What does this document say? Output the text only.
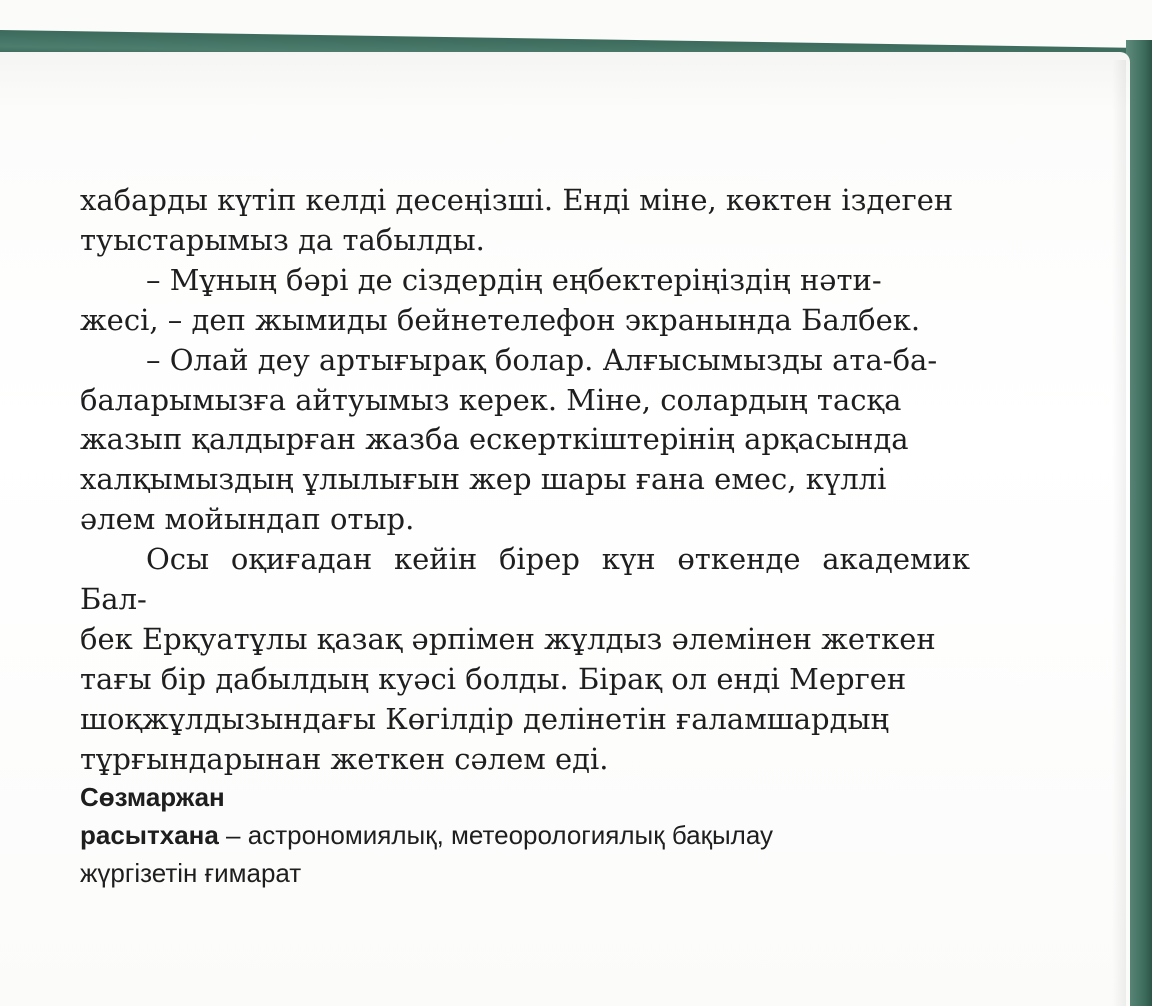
хабарды күтіп келді десеңізші. Енді міне, көктен іздеген
туыстарымыз да табылды.

– Мұның бәрі де сіздердің еңбектеріңіздің нәти-
жесі, – деп жымиды бейнетелефон экранында Балбек.

– Олай деу артығырақ болар. Алғысымызды ата-ба-
баларымызға айтуымыз керек. Міне, солардың тасқа
жазып қалдырған жазба ескерткіштерінің арқасында
халқымыздың ұлылығын жер шары ғана емес, күллі
әлем мойындап отыр.

Осы оқиғадан кейін бірер күн өткенде академик Бал-
бек Ерқуатұлы қазақ әрпімен жұлдыз әлемінен жеткен
тағы бір дабылдың куәсі болды. Бірақ ол енді Мерген
шоқжұлдызындағы Көгілдір делінетін ғаламшардың
тұрғындарынан жеткен сәлем еді.

Сөзмаржан

расытхана – астрономиялық, метеорологиялық бақылау
жүргізетін ғимарат
